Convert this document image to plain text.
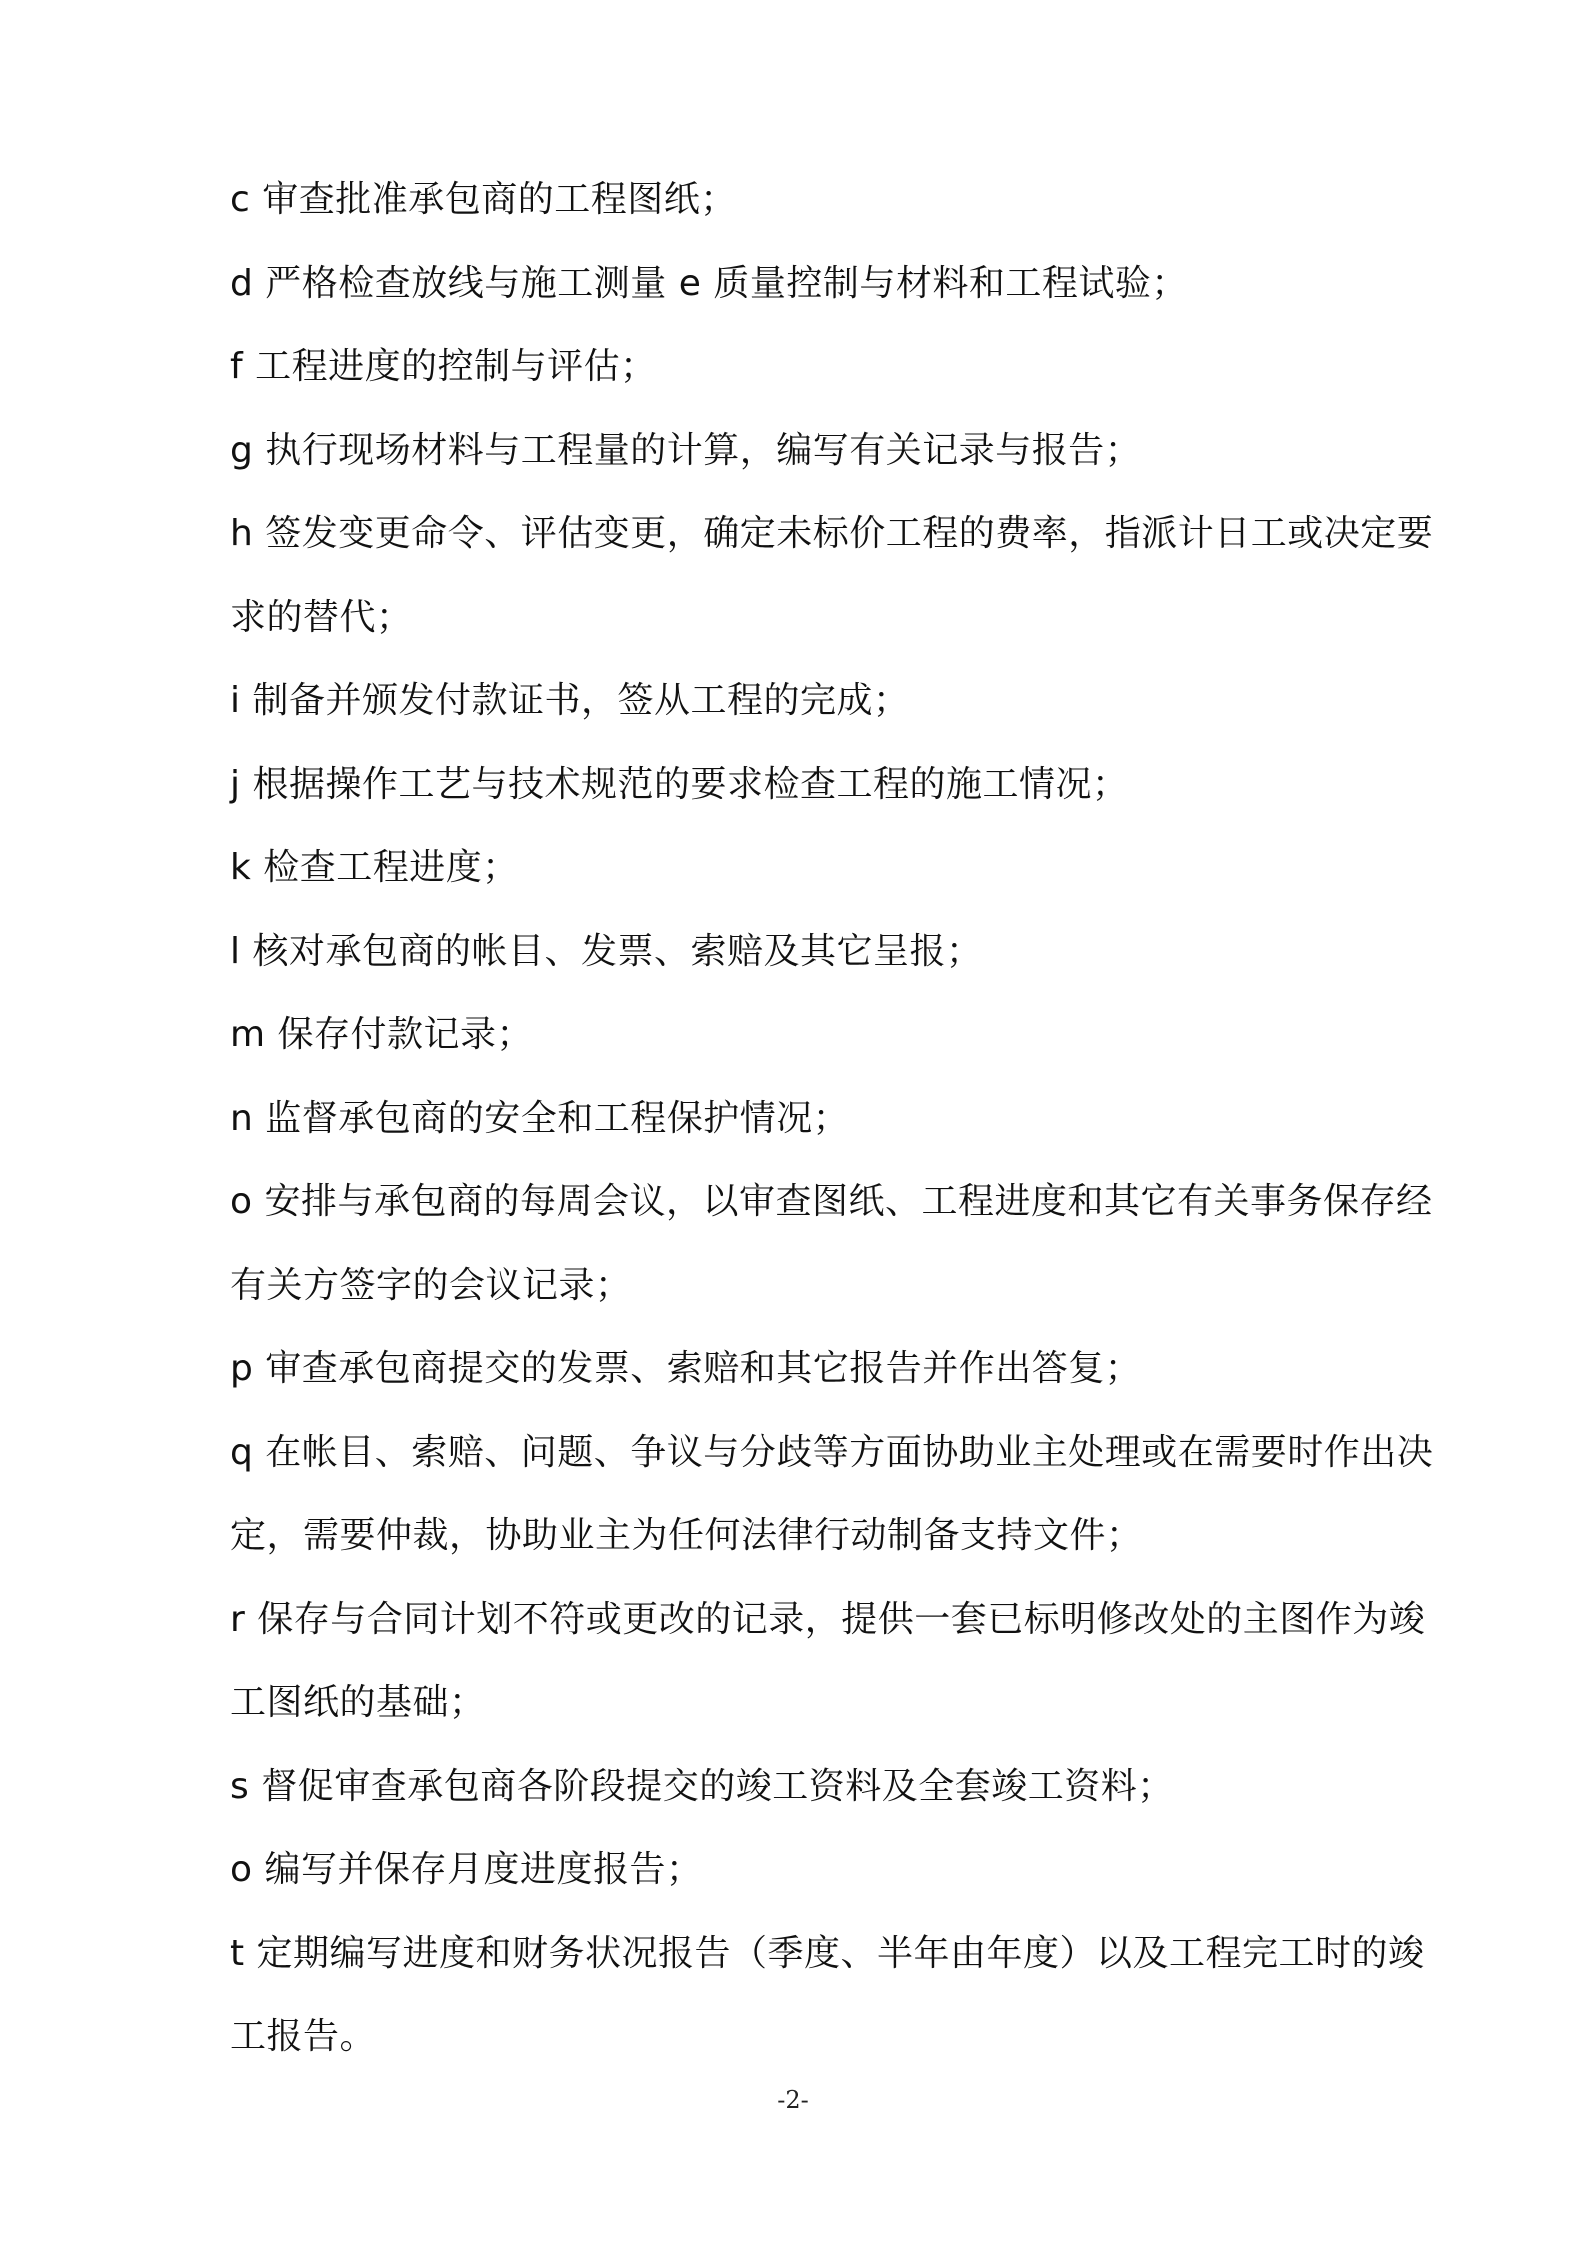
c 审查批准承包商的工程图纸；

d 严格检查放线与施工测量 e 质量控制与材料和工程试验；

f 工程进度的控制与评估；

g 执行现场材料与工程量的计算，编写有关记录与报告；

h 签发变更命令、评估变更，确定未标价工程的费率，指派计日工或决定要求的替代；

i 制备并颁发付款证书，签从工程的完成；

j 根据操作工艺与技术规范的要求检查工程的施工情况；

k 检查工程进度；

l 核对承包商的帐目、发票、索赔及其它呈报；

m 保存付款记录；

n 监督承包商的安全和工程保护情况；

o 安排与承包商的每周会议，以审查图纸、工程进度和其它有关事务保存经有关方签字的会议记录；

p 审查承包商提交的发票、索赔和其它报告并作出答复；

q 在帐目、索赔、问题、争议与分歧等方面协助业主处理或在需要时作出决定，需要仲裁，协助业主为任何法律行动制备支持文件；

r 保存与合同计划不符或更改的记录，提供一套已标明修改处的主图作为竣工图纸的基础；

s 督促审查承包商各阶段提交的竣工资料及全套竣工资料；

o 编写并保存月度进度报告；

t 定期编写进度和财务状况报告（季度、半年由年度）以及工程完工时的竣工报告。

-2-
